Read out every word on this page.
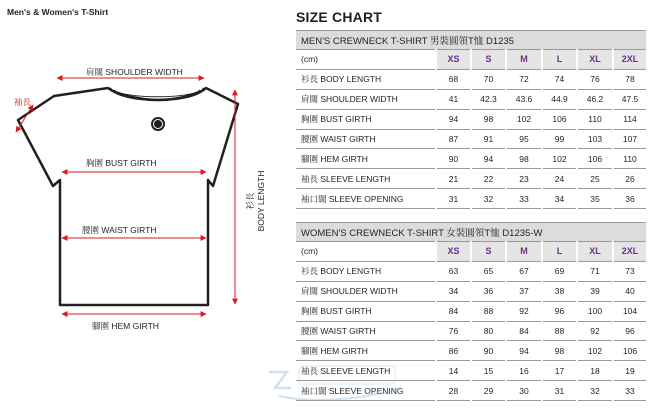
Men's & Women's T-Shirt
肩闊 SHOULDER WIDTH
袖長
胸圍 BUST GIRTH
腰圍 WAIST GIRTH
腳圍 HEM GIRTH
衫長 BODY LENGTH
SIZE CHART
MEN'S CREWNECK T-SHIRT 男裝圓領T恤 D1235						
(cm)	XS	S	M	L	XL	2XL
衫長 BODY LENGTH	68	70	72	74	76	78
肩闊 SHOULDER WIDTH	41	42.3	43.6	44.9	46.2	47.5
胸圍 BUST GIRTH	94	98	102	106	110	114
腰圍 WAIST GIRTH	87	91	95	99	103	107
腳圍 HEM GIRTH	90	94	98	102	106	110
袖長 SLEEVE LENGTH	21	22	23	24	25	26
袖口闊 SLEEVE OPENING	31	32	33	34	35	36
WOMEN'S CREWNECK T-SHIRT 女裝圓領T恤 D1235-W						
(cm)	XS	S	M	L	XL	2XL
衫長 BODY LENGTH	63	65	67	69	71	73
肩闊 SHOULDER WIDTH	34	36	37	38	39	40
胸圍 BUST GIRTH	84	88	92	96	100	104
腰圍 WAIST GIRTH	76	80	84	88	92	96
腳圍 HEM GIRTH	86	90	94	98	102	106
袖長 SLEEVE LENGTH	14	15	16	17	18	19
袖口闊 SLEEVE OPENING	28	29	30	31	32	33
